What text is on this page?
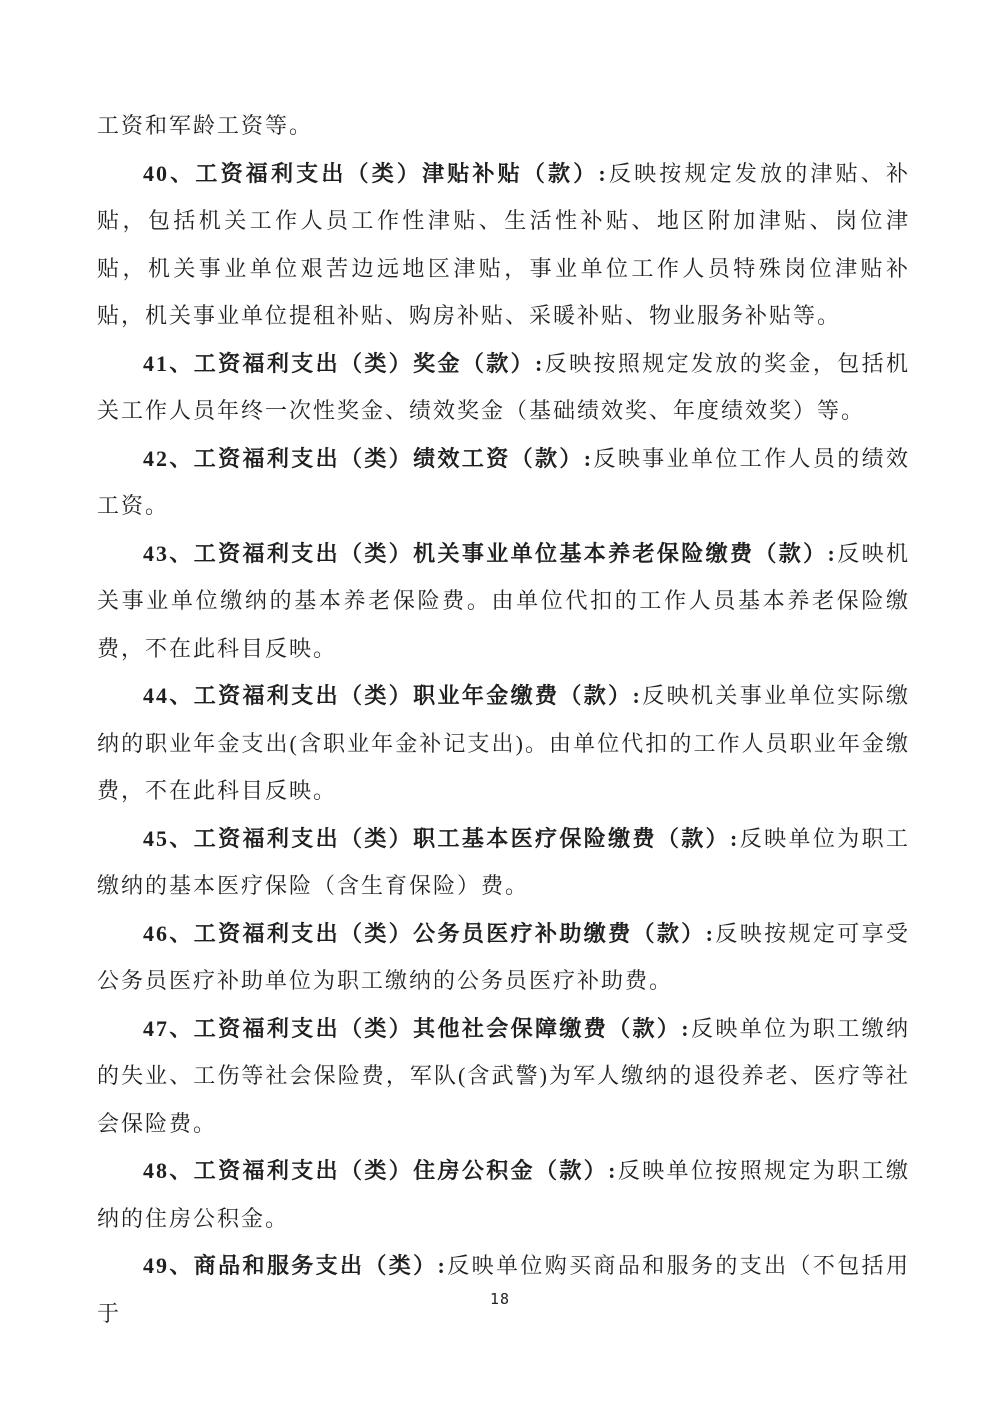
工资和军龄工资等。

40、工资福利支出（类）津贴补贴（款）:反映按规定发放的津贴、补贴，包括机关工作人员工作性津贴、生活性补贴、地区附加津贴、岗位津贴，机关事业单位艰苦边远地区津贴，事业单位工作人员特殊岗位津贴补贴，机关事业单位提租补贴、购房补贴、采暖补贴、物业服务补贴等。

41、工资福利支出（类）奖金（款）:反映按照规定发放的奖金，包括机关工作人员年终一次性奖金、绩效奖金（基础绩效奖、年度绩效奖）等。

42、工资福利支出（类）绩效工资（款）:反映事业单位工作人员的绩效工资。

43、工资福利支出（类）机关事业单位基本养老保险缴费（款）:反映机关事业单位缴纳的基本养老保险费。由单位代扣的工作人员基本养老保险缴费，不在此科目反映。

44、工资福利支出（类）职业年金缴费（款）:反映机关事业单位实际缴纳的职业年金支出(含职业年金补记支出)。由单位代扣的工作人员职业年金缴费，不在此科目反映。

45、工资福利支出（类）职工基本医疗保险缴费（款）:反映单位为职工缴纳的基本医疗保险（含生育保险）费。

46、工资福利支出（类）公务员医疗补助缴费（款）:反映按规定可享受公务员医疗补助单位为职工缴纳的公务员医疗补助费。

47、工资福利支出（类）其他社会保障缴费（款）:反映单位为职工缴纳的失业、工伤等社会保险费，军队(含武警)为军人缴纳的退役养老、医疗等社会保险费。

48、工资福利支出（类）住房公积金（款）:反映单位按照规定为职工缴纳的住房公积金。

49、商品和服务支出（类）:反映单位购买商品和服务的支出（不包括用于

18
